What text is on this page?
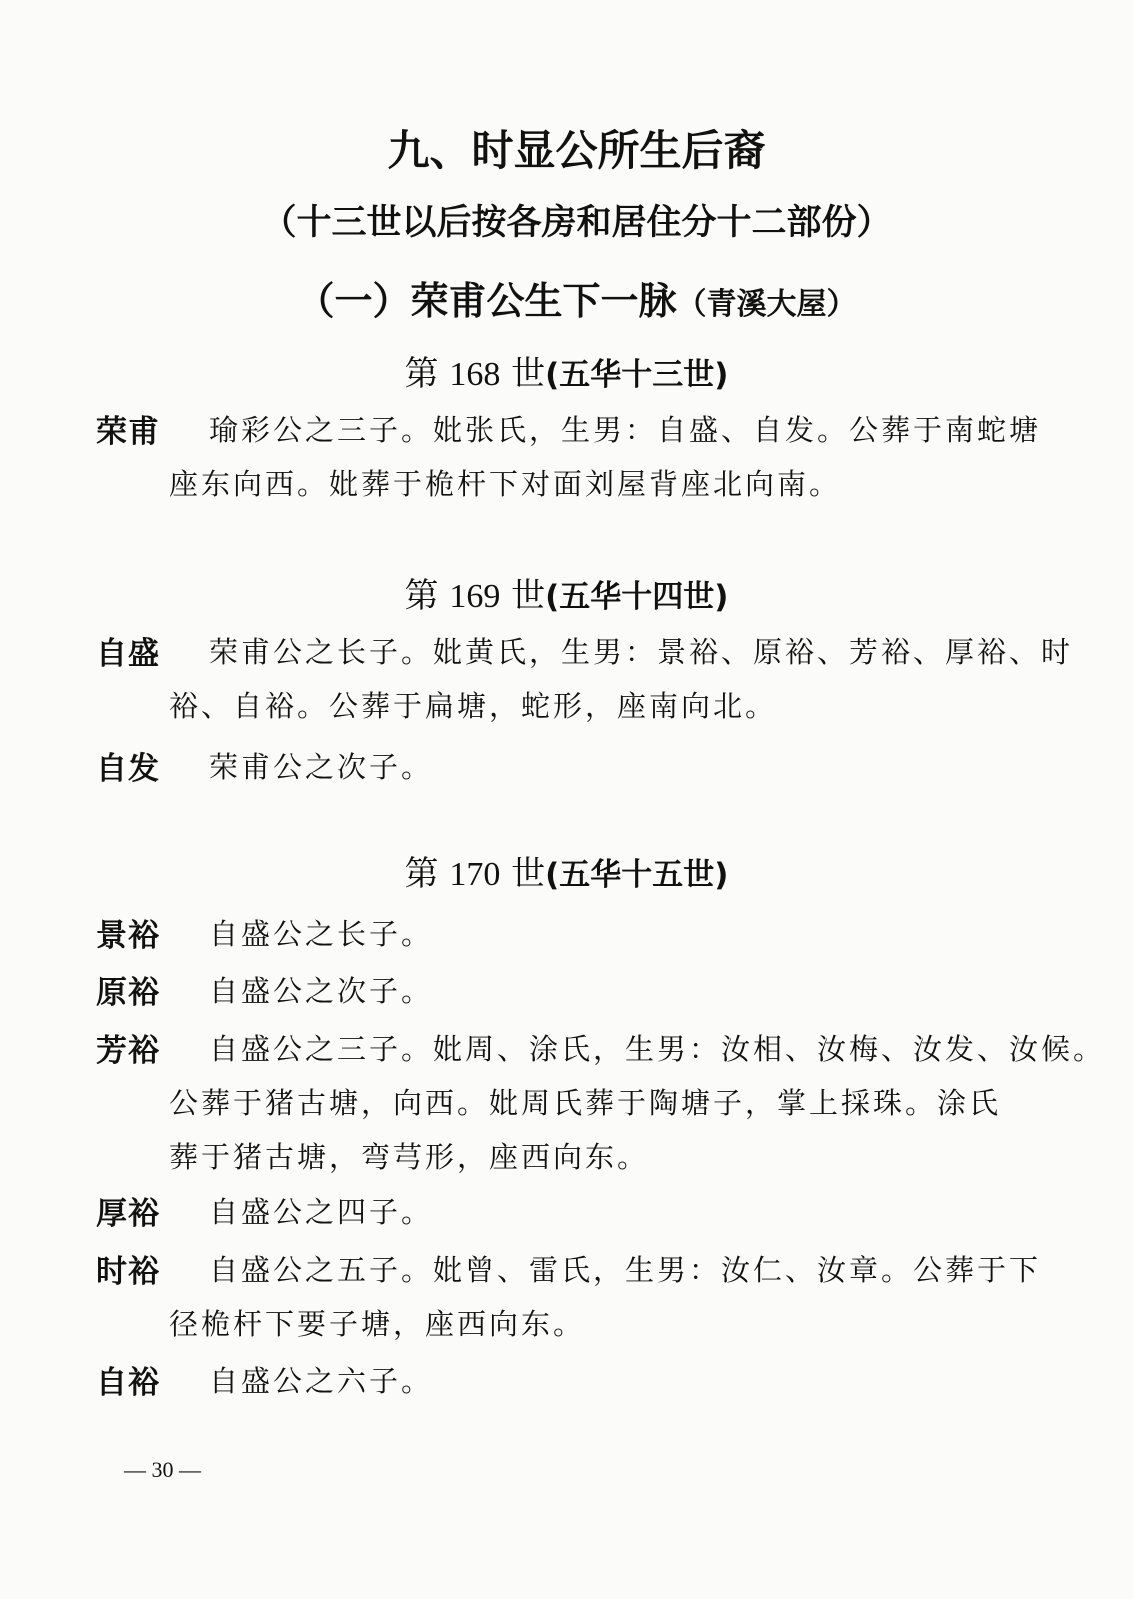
九、时显公所生后裔
（十三世以后按各房和居住分十二部份）
（一）荣甫公生下一脉（青溪大屋）
第 168 世(五华十三世)
荣甫 瑜彩公之三子。妣张氏，生男：自盛、自发。公葬于南蛇塘
座东向西。妣葬于桅杆下对面刘屋背座北向南。
第 169 世(五华十四世)
自盛 荣甫公之长子。妣黄氏，生男：景裕、原裕、芳裕、厚裕、时
裕、自裕。公葬于扁塘，蛇形，座南向北。
自发 荣甫公之次子。
第 170 世(五华十五世)
景裕 自盛公之长子。
原裕 自盛公之次子。
芳裕 自盛公之三子。妣周、涂氏，生男：汝相、汝梅、汝发、汝候。
公葬于猪古塘，向西。妣周氏葬于陶塘子，掌上採珠。涂氏
葬于猪古塘，弯芎形，座西向东。
厚裕 自盛公之四子。
时裕 自盛公之五子。妣曾、雷氏，生男：汝仁、汝章。公葬于下
径桅杆下要子塘，座西向东。
自裕 自盛公之六子。
— 30 —
